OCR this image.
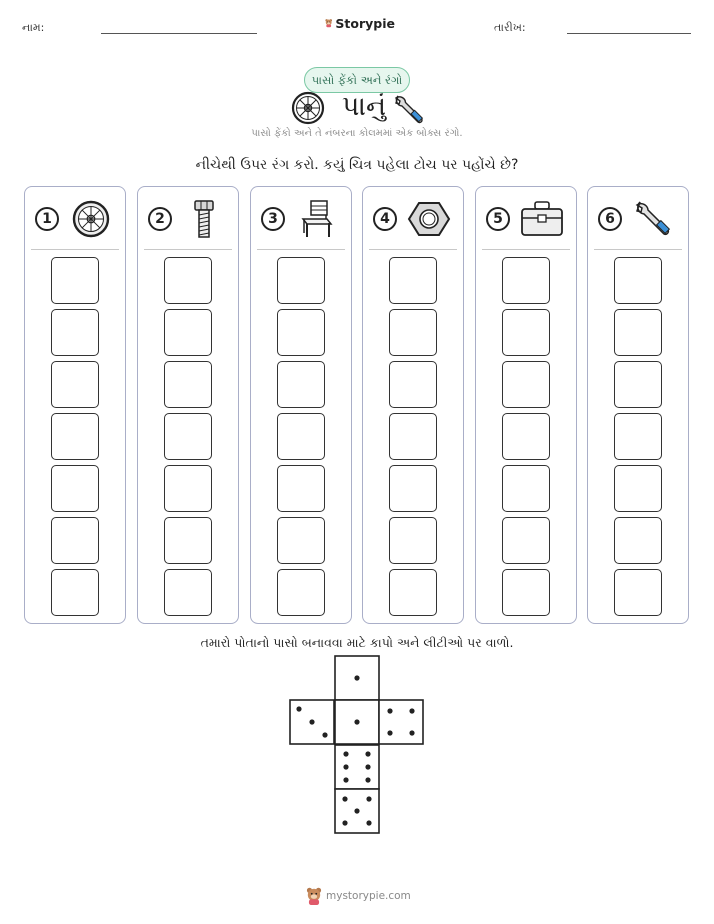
નામ:	Storypie	તારીખ:
પાસો ફેંકો અને રંગો
પાનું
પાસો ફેંકો અને તે નંબરના કોલમમાં એક બોક્સ રંગો.
નીચેથી ઉપર રંગ કરો. કયું ચિત્ર પહેલા ટોચ પર પહોંચે છે?
1	2	3	4	5	6
તમારો પોતાનો પાસો બનાવવા માટે કાપો અને લીટીઓ પર વાળો.
mystorypie.com
